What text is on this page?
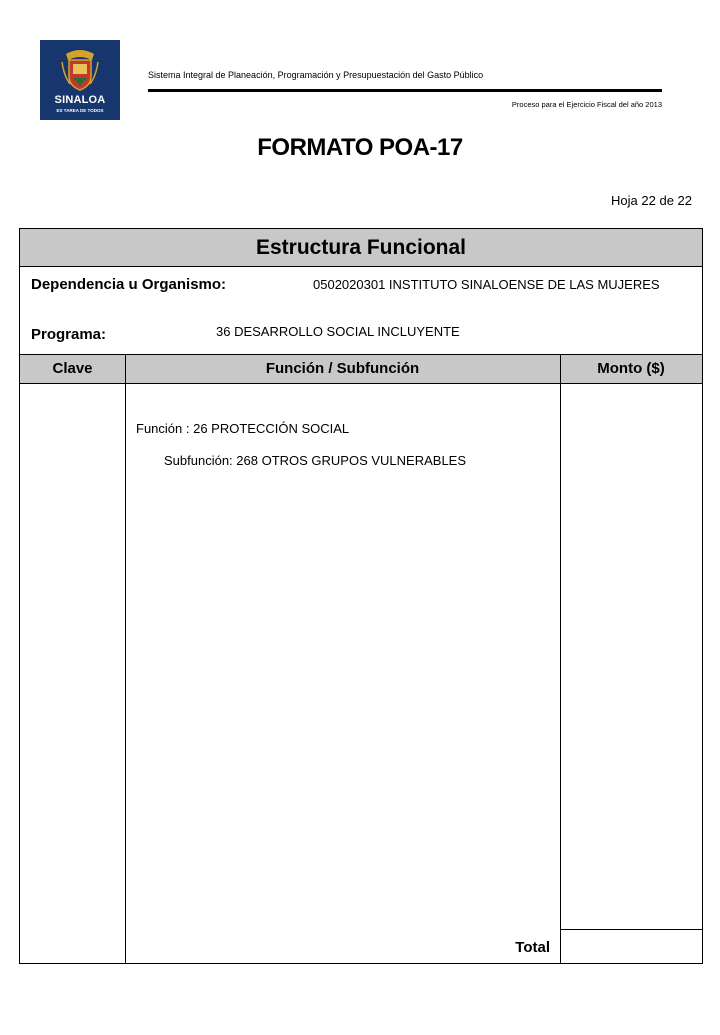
SINALOA
ES TAREA DE TODOS
Sistema Integral de Planeación, Programación y Presupuestación del Gasto Público
Proceso para el Ejercicio Fiscal del año 2013
FORMATO POA-17
Hoja 22 de 22
Estructura Funcional
Dependencia u Organismo:	0502020301 INSTITUTO SINALOENSE DE LAS MUJERES
Programa:	36 DESARROLLO SOCIAL INCLUYENTE
Clave	Función / Subfunción	Monto ($)
Función : 26 PROTECCIÓN SOCIAL
Subfunción: 268 OTROS GRUPOS VULNERABLES
Total
